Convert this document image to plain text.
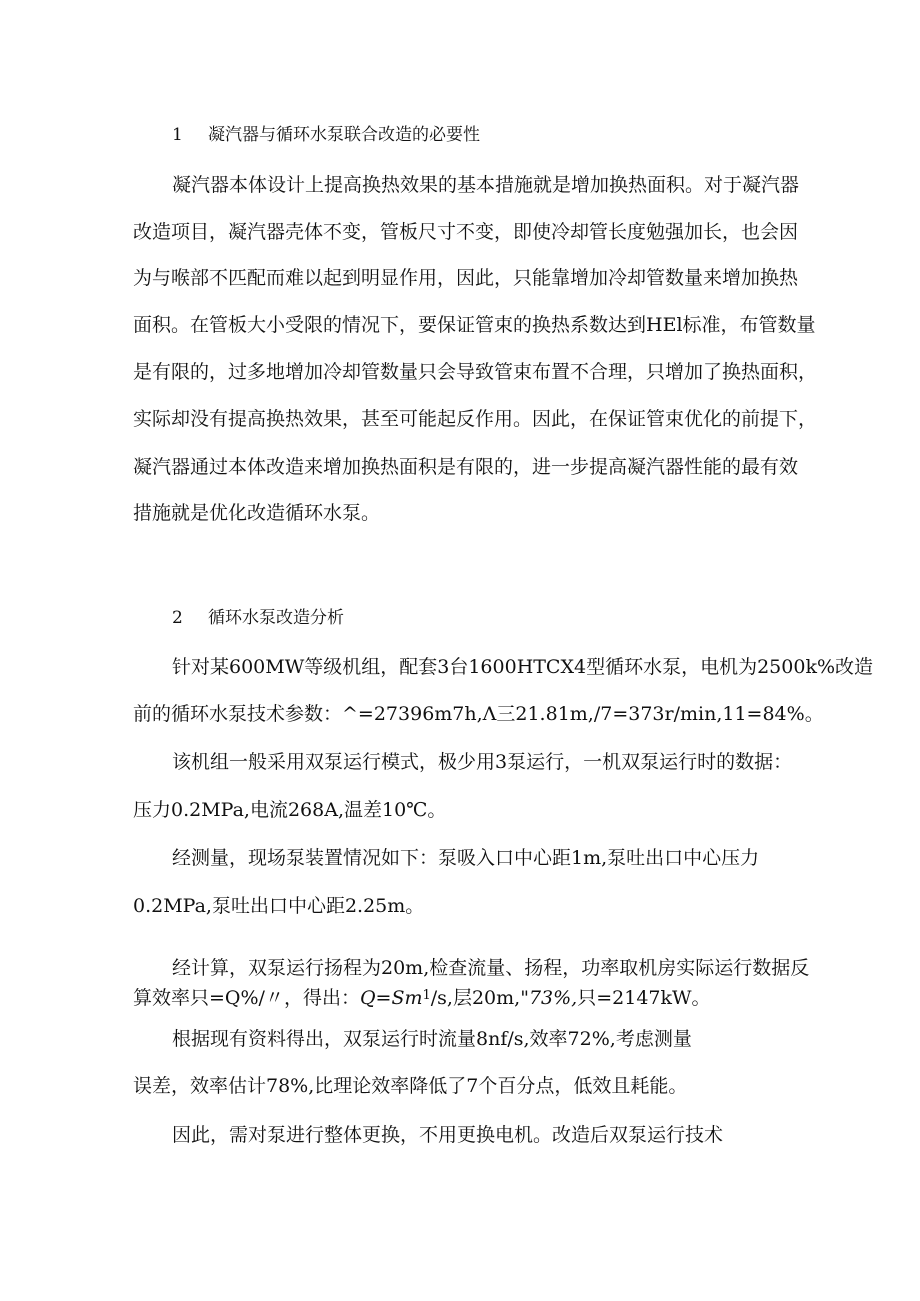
1 凝汽器与循环水泵联合改造的必要性

凝汽器本体设计上提高换热效果的基本措施就是增加换热面积。对于凝汽器

改造项目，凝汽器壳体不变，管板尺寸不变，即使冷却管长度勉强加长，也会因

为与喉部不匹配而难以起到明显作用，因此，只能靠增加冷却管数量来增加换热

面积。在管板大小受限的情况下，要保证管束的换热系数达到HEl标准，布管数量

是有限的，过多地增加冷却管数量只会导致管束布置不合理，只增加了换热面积，

实际却没有提高换热效果，甚至可能起反作用。因此，在保证管束优化的前提下，

凝汽器通过本体改造来增加换热面积是有限的，进一步提高凝汽器性能的最有效

措施就是优化改造循环水泵。

2 循环水泵改造分析

针对某600MW等级机组，配套3台1600HTCX4型循环水泵，电机为2500k%改造

前的循环水泵技术参数：^=27396m7h,Λ三21.81m,/7=373r/min,11=84%。

该机组一般采用双泵运行模式，极少用3泵运行，一机双泵运行时的数据：

压力0.2MPa,电流268A,温差10℃。

经测量，现场泵装置情况如下：泵吸入口中心距1m,泵吐出口中心压力

0.2MPa,泵吐出口中心距2.25m。

经计算，双泵运行扬程为20m,检查流量、扬程，功率取机房实际运行数据反

算效率只=Q%/〃，得出：$Q=Sm^1/s$,层20m,"73%,只=2147kW。

根据现有资料得出，双泵运行时流量8nf/s,效率72%,考虑测量

误差，效率估计78%,比理论效率降低了7个百分点，低效且耗能。

因此，需对泵进行整体更换，不用更换电机。改造后双泵运行技术
